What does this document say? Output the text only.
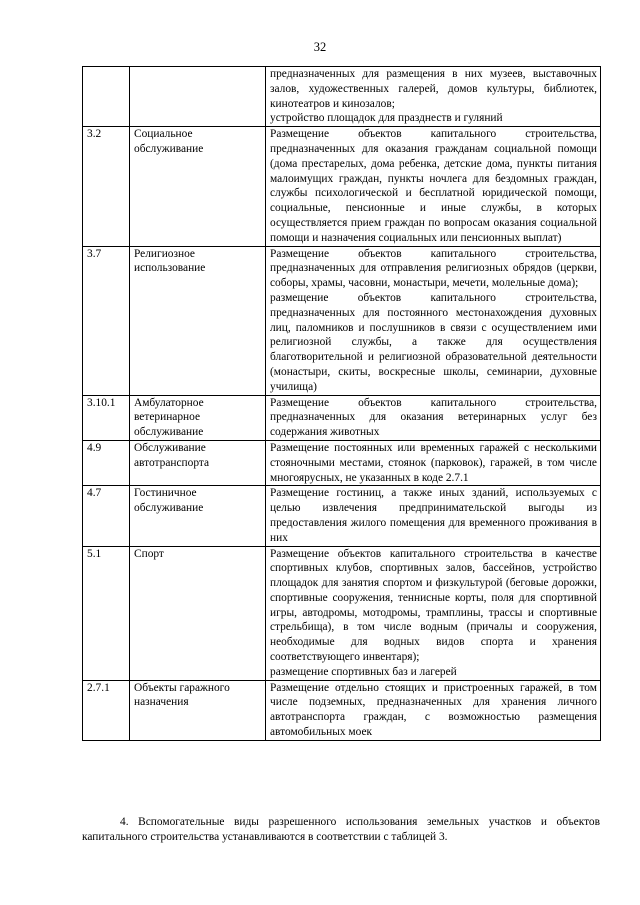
32

		предназначенных для размещения в них музеев, выставочных залов, художественных галерей, домов культуры, библиотек, кинотеатров и кинозалов;

устройство площадок для празднеств и гуляний

3.2	Социальное обслуживание	Размещение объектов капитального строительства, предназначенных для оказания гражданам социальной помощи (дома престарелых, дома ребенка, детские дома, пункты питания малоимущих граждан, пункты ночлега для бездомных граждан, службы психологической и бесплатной юридической помощи, социальные, пенсионные и иные службы, в которых осуществляется прием граждан по вопросам оказания социальной помощи и назначения социальных или пенсионных выплат)

3.7	Религиозное использование	Размещение объектов капитального строительства, предназначенных для отправления религиозных обрядов (церкви, соборы, храмы, часовни, монастыри, мечети, молельные дома);

размещение объектов капитального строительства, предназначенных для постоянного местонахождения духовных лиц, паломников и послушников в связи с осуществлением ими религиозной службы, а также для осуществления благотворительной и религиозной образовательной деятельности (монастыри, скиты, воскресные школы, семинарии, духовные училища)

3.10.1	Амбулаторное ветеринарное обслуживание	Размещение объектов капитального строительства, предназначенных для оказания ветеринарных услуг без содержания животных

4.9	Обслуживание автотранспорта	Размещение постоянных или временных гаражей с несколькими стояночными местами, стоянок (парковок), гаражей, в том числе многоярусных, не указанных в коде 2.7.1

4.7	Гостиничное обслуживание	Размещение гостиниц, а также иных зданий, используемых с целью извлечения предпринимательской выгоды из предоставления жилого помещения для временного проживания в них

5.1	Спорт	Размещение объектов капитального строительства в качестве спортивных клубов, спортивных залов, бассейнов, устройство площадок для занятия спортом и физкультурой (беговые дорожки, спортивные сооружения, теннисные корты, поля для спортивной игры, автодромы, мотодромы, трамплины, трассы и спортивные стрельбища), в том числе водным (причалы и сооружения, необходимые для водных видов спорта и хранения соответствующего инвентаря);

размещение спортивных баз и лагерей

2.7.1	Объекты гаражного назначения	Размещение отдельно стоящих и пристроенных гаражей, в том числе подземных, предназначенных для хранения личного автотранспорта граждан, с возможностью размещения автомобильных моек

4. Вспомогательные виды разрешенного использования земельных участков и объектов капитального строительства устанавливаются в соответствии с таблицей 3.
